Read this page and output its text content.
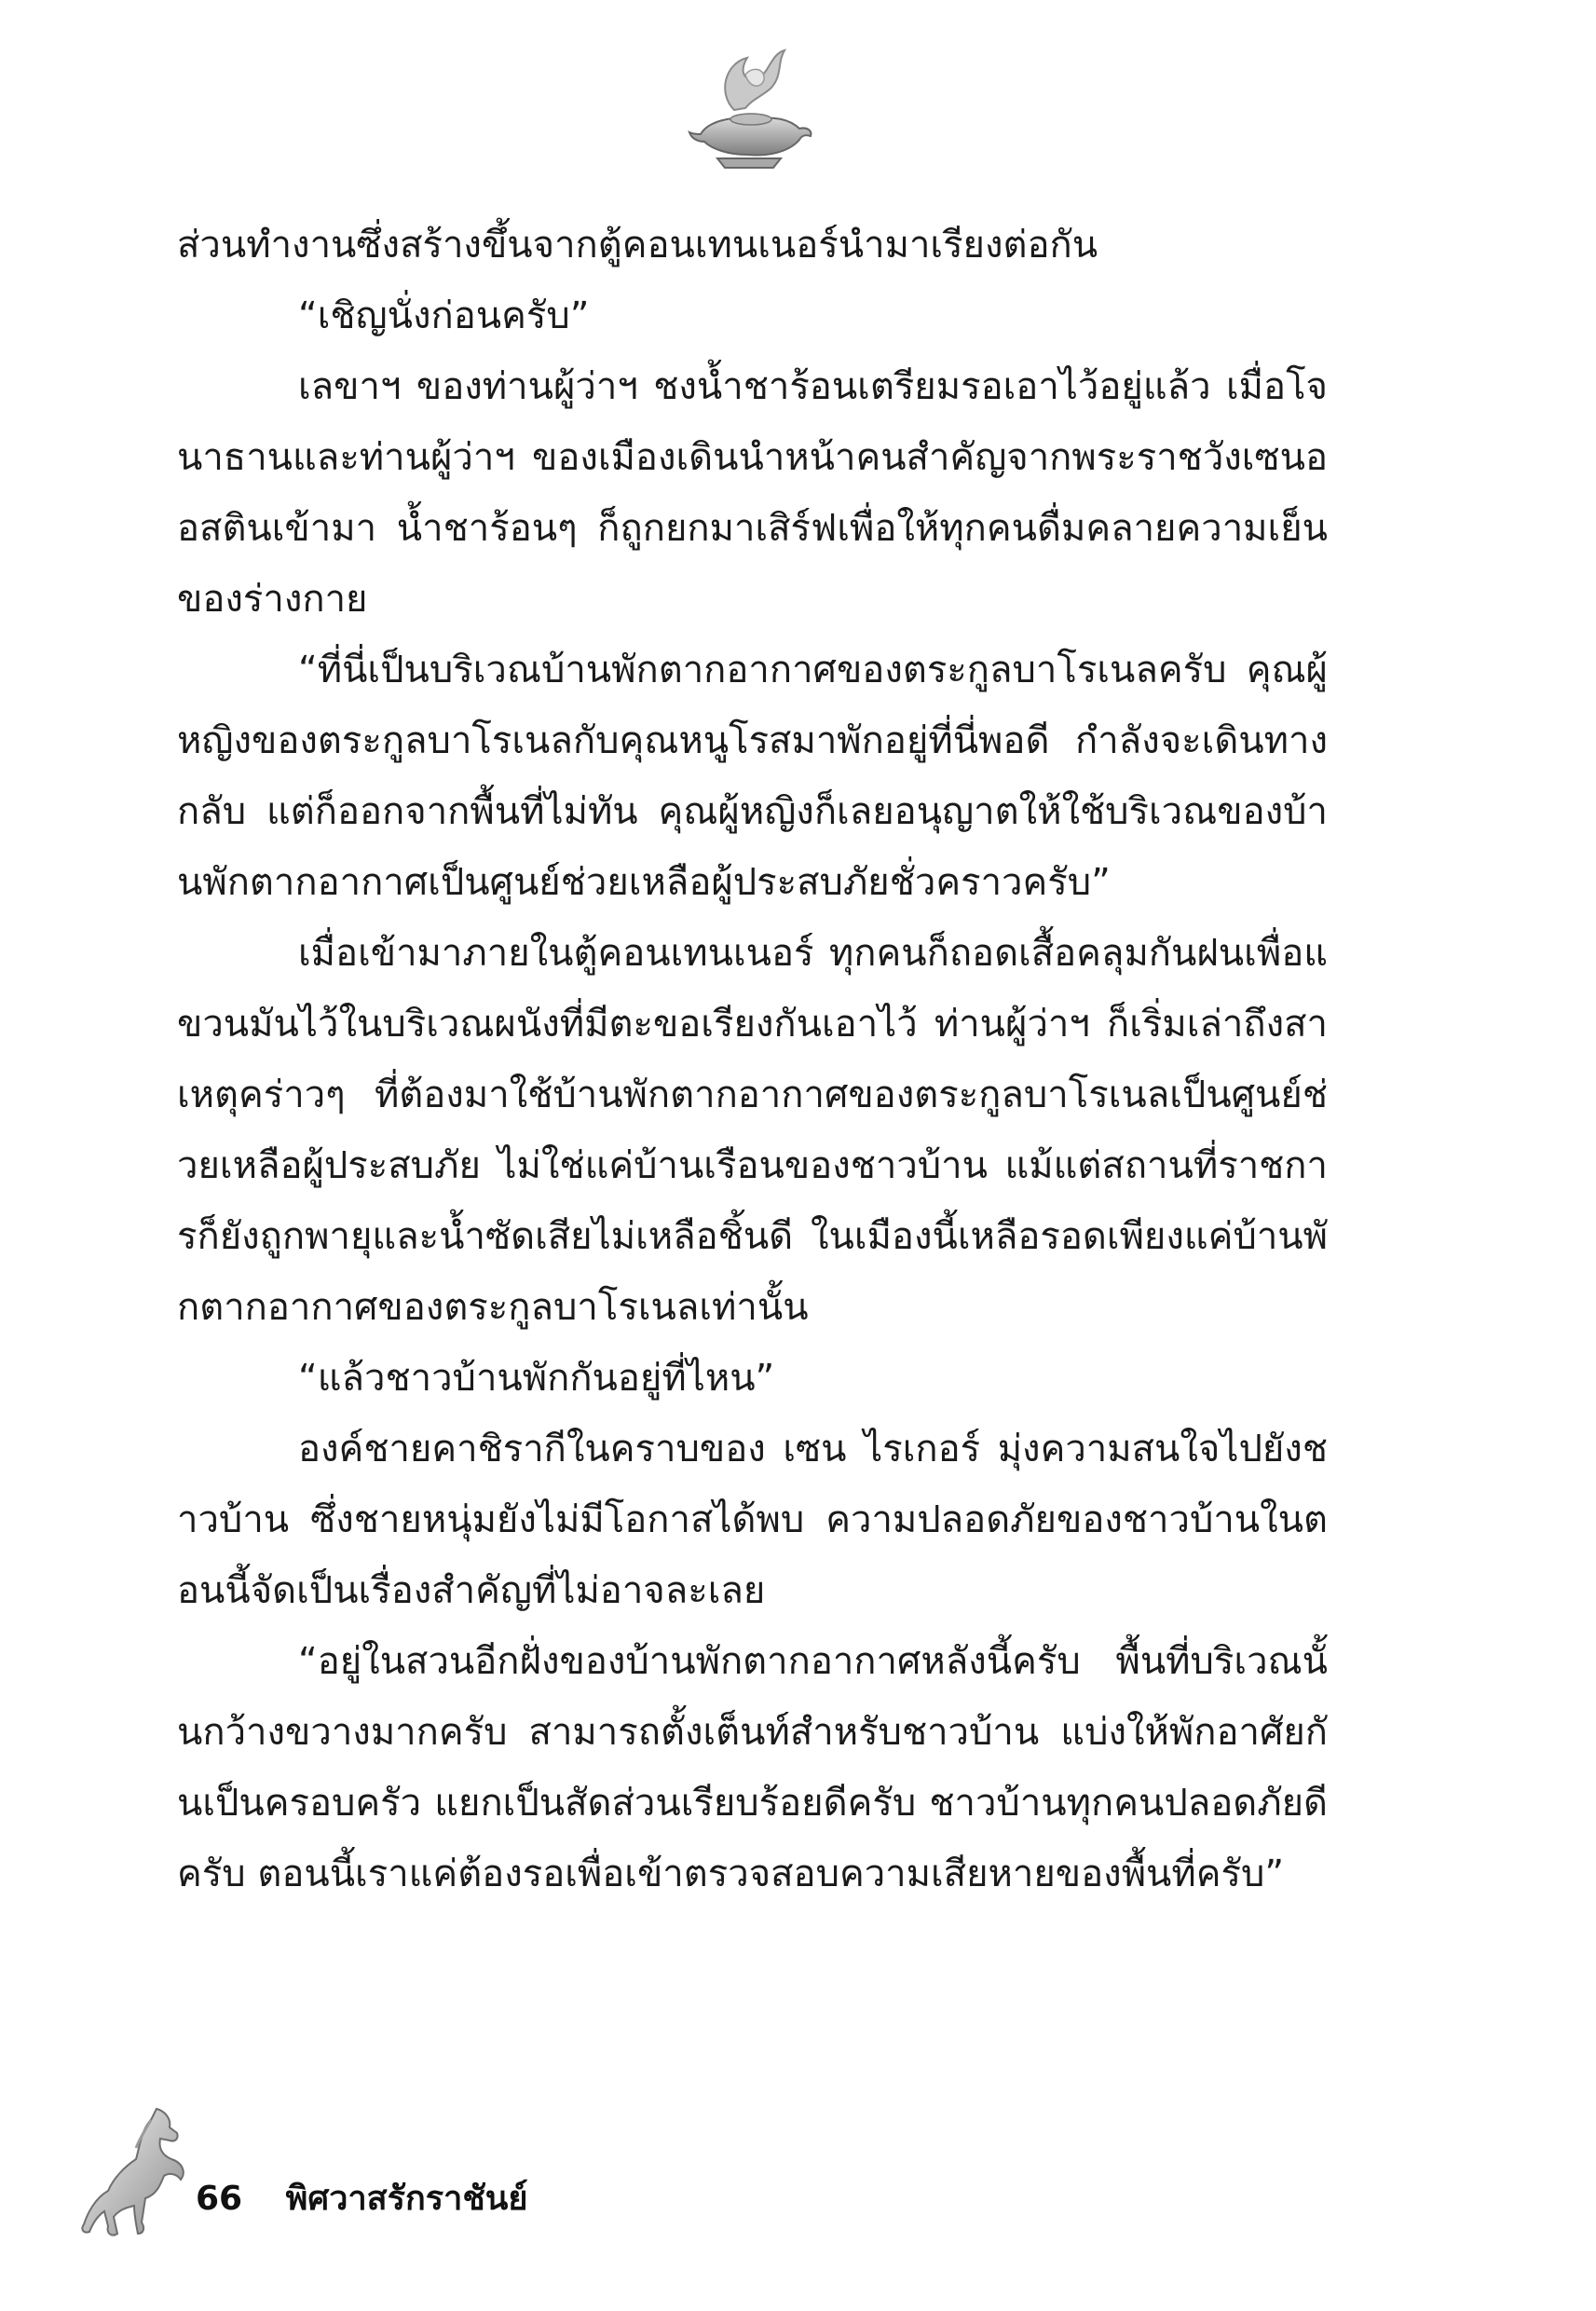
ส่วนทำงานซึ่งสร้างขึ้นจากตู้คอนเทนเนอร์นำมาเรียงต่อกัน

“เชิญนั่งก่อนครับ”

เลขาฯ ของท่านผู้ว่าฯ ชงน้ำชาร้อนเตรียมรอเอาไว้อยู่แล้ว เมื่อโจนาธานและท่านผู้ว่าฯ ของเมืองเดินนำหน้าคนสำคัญจากพระราชวังเซนออสตินเข้ามา น้ำชาร้อนๆ ก็ถูกยกมาเสิร์ฟเพื่อให้ทุกคนดื่มคลายความเย็นของร่างกาย

“ที่นี่เป็นบริเวณบ้านพักตากอากาศของตระกูลบาโรเนลครับ คุณผู้หญิงของตระกูลบาโรเนลกับคุณหนูโรสมาพักอยู่ที่นี่พอดี กำลังจะเดินทางกลับ แต่ก็ออกจากพื้นที่ไม่ทัน คุณผู้หญิงก็เลยอนุญาตให้ใช้บริเวณของบ้านพักตากอากาศเป็นศูนย์ช่วยเหลือผู้ประสบภัยชั่วคราวครับ”

เมื่อเข้ามาภายในตู้คอนเทนเนอร์ ทุกคนก็ถอดเสื้อคลุมกันฝนเพื่อแขวนมันไว้ในบริเวณผนังที่มีตะขอเรียงกันเอาไว้ ท่านผู้ว่าฯ ก็เริ่มเล่าถึงสาเหตุคร่าวๆ ที่ต้องมาใช้บ้านพักตากอากาศของตระกูลบาโรเนลเป็นศูนย์ช่วยเหลือผู้ประสบภัย ไม่ใช่แค่บ้านเรือนของชาวบ้าน แม้แต่สถานที่ราชการก็ยังถูกพายุและน้ำซัดเสียไม่เหลือชิ้นดี ในเมืองนี้เหลือรอดเพียงแค่บ้านพักตากอากาศของตระกูลบาโรเนลเท่านั้น

“แล้วชาวบ้านพักกันอยู่ที่ไหน”

องค์ชายคาชิรากีในคราบของ เซน ไรเกอร์ มุ่งความสนใจไปยังชาวบ้าน ซึ่งชายหนุ่มยังไม่มีโอกาสได้พบ ความปลอดภัยของชาวบ้านในตอนนี้จัดเป็นเรื่องสำคัญที่ไม่อาจละเลย

“อยู่ในสวนอีกฝั่งของบ้านพักตากอากาศหลังนี้ครับ พื้นที่บริเวณนั้นกว้างขวางมากครับ สามารถตั้งเต็นท์สำหรับชาวบ้าน แบ่งให้พักอาศัยกันเป็นครอบครัว แยกเป็นสัดส่วนเรียบร้อยดีครับ ชาวบ้านทุกคนปลอดภัยดีครับ ตอนนี้เราแค่ต้องรอเพื่อเข้าตรวจสอบความเสียหายของพื้นที่ครับ”

66 พิศวาสรักราชันย์
